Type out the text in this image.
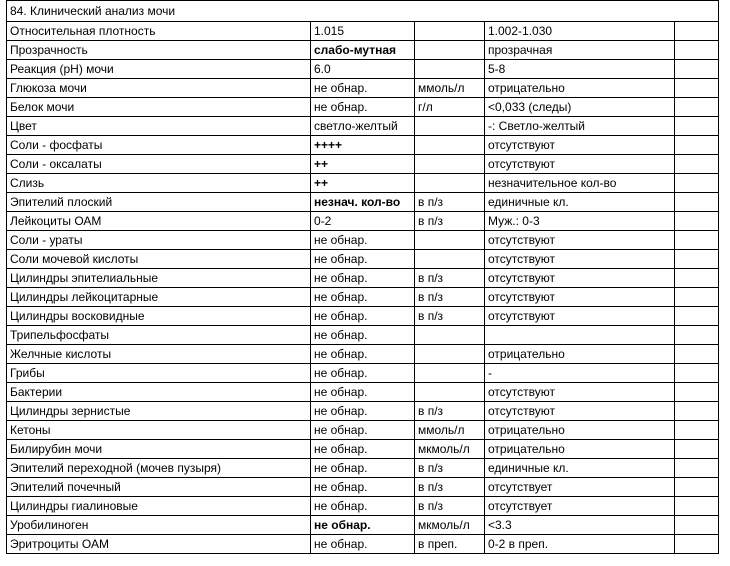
84. Клинический анализ мочи				
Относительная плотность	1.015		1.002-1.030	
Прозрачность	слабо-мутная		прозрачная	
Реакция (pH) мочи	6.0		5-8	
Глюкоза мочи	не обнар.	ммоль/л	отрицательно	
Белок мочи	не обнар.	г/л	<0,033 (следы)	
Цвет	светло-желтый		-: Светло-желтый	
Соли - фосфаты	++++		отсутствуют	
Соли - оксалаты	++		отсутствуют	
Слизь	++		незначительное кол-во	
Эпителий плоский	незнач. кол-во	в п/з	единичные кл.	
Лейкоциты ОАМ	0-2	в п/з	Муж.: 0-3	
Соли - ураты	не обнар.		отсутствуют	
Соли мочевой кислоты	не обнар.		отсутствуют	
Цилиндры эпителиальные	не обнар.	в п/з	отсутствуют	
Цилиндры лейкоцитарные	не обнар.	в п/з	отсутствуют	
Цилиндры восковидные	не обнар.	в п/з	отсутствуют	
Трипельфосфаты	не обнар.			
Желчные кислоты	не обнар.		отрицательно	
Грибы	не обнар.		-	
Бактерии	не обнар.		отсутствуют	
Цилиндры зернистые	не обнар.	в п/з	отсутствуют	
Кетоны	не обнар.	ммоль/л	отрицательно	
Билирубин мочи	не обнар.	мкмоль/л	отрицательно	
Эпителий переходной (мочев пузыря)	не обнар.	в п/з	единичные кл.	
Эпителий почечный	не обнар.	в п/з	отсутствует	
Цилиндры гиалиновые	не обнар.	в п/з	отсутствует	
Уробилиноген	не обнар.	мкмоль/л	<3.3	
Эритроциты ОАМ	не обнар.	в преп.	0-2 в преп.	
